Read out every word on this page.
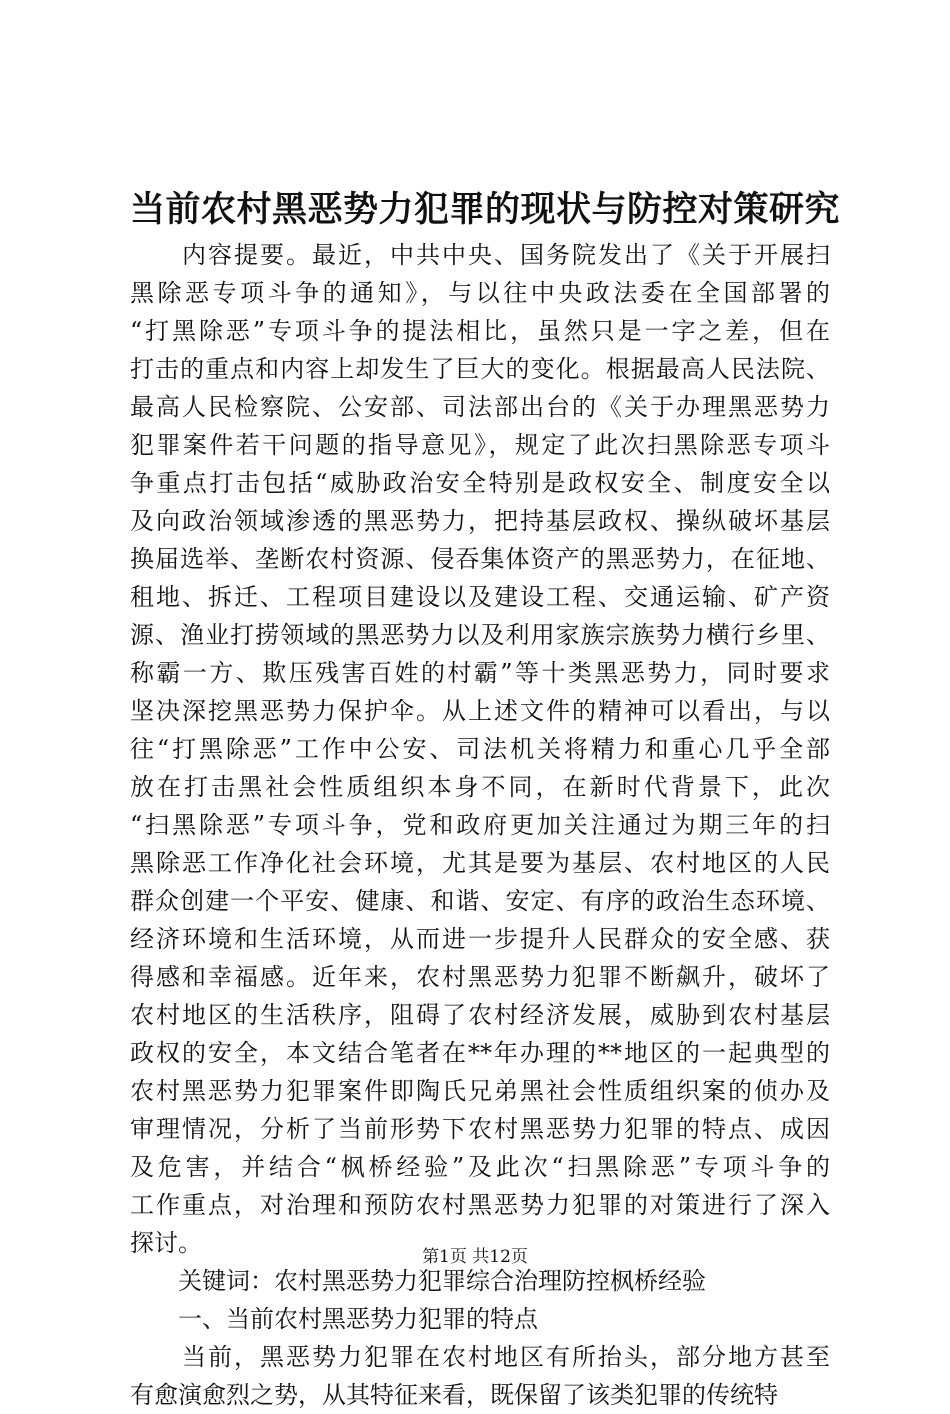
当前农村黑恶势力犯罪的现状与防控对策研究
　　内容提要。最近，中共中央、国务院发出了《关于开展扫
黑除恶专项斗争的通知》，与以往中央政法委在全国部署的
“打黑除恶”专项斗争的提法相比，虽然只是一字之差，但在
打击的重点和内容上却发生了巨大的变化。根据最高人民法院、
最高人民检察院、公安部、司法部出台的《关于办理黑恶势力
犯罪案件若干问题的指导意见》，规定了此次扫黑除恶专项斗
争重点打击包括“威胁政治安全特别是政权安全、制度安全以
及向政治领域渗透的黑恶势力，把持基层政权、操纵破坏基层
换届选举、垄断农村资源、侵吞集体资产的黑恶势力，在征地、
租地、拆迁、工程项目建设以及建设工程、交通运输、矿产资
源、渔业打捞领域的黑恶势力以及利用家族宗族势力横行乡里、
称霸一方、欺压残害百姓的村霸”等十类黑恶势力，同时要求
坚决深挖黑恶势力保护伞。从上述文件的精神可以看出，与以
往“打黑除恶”工作中公安、司法机关将精力和重心几乎全部
放在打击黑社会性质组织本身不同，在新时代背景下，此次
“扫黑除恶”专项斗争，党和政府更加关注通过为期三年的扫
黑除恶工作净化社会环境，尤其是要为基层、农村地区的人民
群众创建一个平安、健康、和谐、安定、有序的政治生态环境、
经济环境和生活环境，从而进一步提升人民群众的安全感、获
得感和幸福感。近年来，农村黑恶势力犯罪不断飙升，破坏了
农村地区的生活秩序，阻碍了农村经济发展，威胁到农村基层
政权的安全，本文结合笔者在**年办理的**地区的一起典型的
农村黑恶势力犯罪案件即陶氏兄弟黑社会性质组织案的侦办及
审理情况，分析了当前形势下农村黑恶势力犯罪的特点、成因
及危害，并结合“枫桥经验”及此次“扫黑除恶”专项斗争的
工作重点，对治理和预防农村黑恶势力犯罪的对策进行了深入
探讨。
　　关键词：农村黑恶势力犯罪综合治理防控枫桥经验
　　一、当前农村黑恶势力犯罪的特点
　　当前，黑恶势力犯罪在农村地区有所抬头，部分地方甚至
有愈演愈烈之势，从其特征来看，既保留了该类犯罪的传统特
第1页 共12页
